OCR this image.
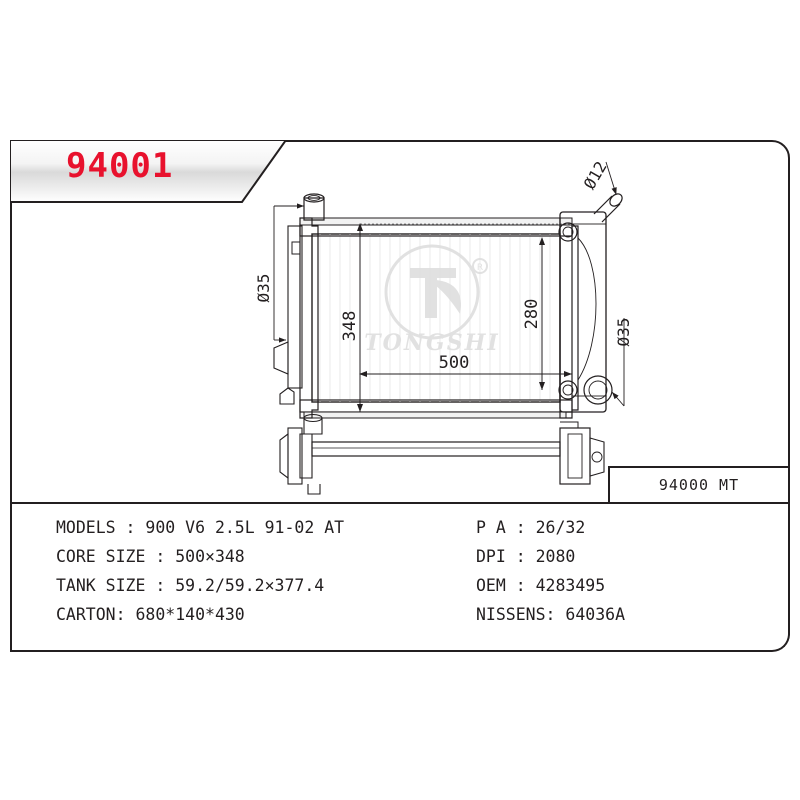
R
TONGSHI
348
500
280
Ø35
Ø35
Ø12
94001
94000 MT
MODELS : 900 V6 2.5L 91-02 AT	P A : 26/32
CORE SIZE : 500×348	DPI : 2080
TANK SIZE : 59.2/59.2×377.4	OEM : 4283495
CARTON: 680*140*430	NISSENS: 64036A
